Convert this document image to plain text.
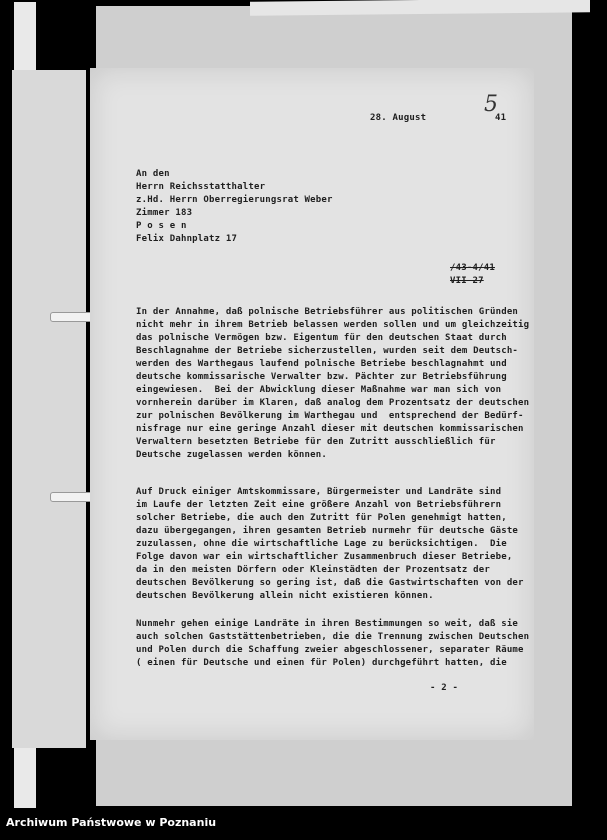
5
28. August	41
An den
Herrn Reichsstatthalter
z.Hd. Herrn Oberregierungsrat Weber
Zimmer 183
P o s e n
Felix Dahnplatz 17
/43-4/41
VII 27
In der Annahme, daß polnische Betriebsführer aus politischen Gründen
nicht mehr in ihrem Betrieb belassen werden sollen und um gleichzeitig
das polnische Vermögen bzw. Eigentum für den deutschen Staat durch
Beschlagnahme der Betriebe sicherzustellen, wurden seit dem Deutsch-
werden des Warthegaus laufend polnische Betriebe beschlagnahmt und
deutsche kommissarische Verwalter bzw. Pächter zur Betriebsführung
eingewiesen.  Bei der Abwicklung dieser Maßnahme war man sich von
vornherein darüber im Klaren, daß analog dem Prozentsatz der deutschen
zur polnischen Bevölkerung im Warthegau und  entsprechend der Bedürf-
nisfrage nur eine geringe Anzahl dieser mit deutschen kommissarischen
Verwaltern besetzten Betriebe für den Zutritt ausschließlich für
Deutsche zugelassen werden können.
Auf Druck einiger Amtskommissare, Bürgermeister und Landräte sind
im Laufe der letzten Zeit eine größere Anzahl von Betriebsführern
solcher Betriebe, die auch den Zutritt für Polen genehmigt hatten,
dazu übergegangen, ihren gesamten Betrieb nurmehr für deutsche Gäste
zuzulassen, ohne die wirtschaftliche Lage zu berücksichtigen.  Die
Folge davon war ein wirtschaftlicher Zusammenbruch dieser Betriebe,
da in den meisten Dörfern oder Kleinstädten der Prozentsatz der
deutschen Bevölkerung so gering ist, daß die Gastwirtschaften von der
deutschen Bevölkerung allein nicht existieren können.
Nunmehr gehen einige Landräte in ihren Bestimmungen so weit, daß sie
auch solchen Gaststättenbetrieben, die die Trennung zwischen Deutschen
und Polen durch die Schaffung zweier abgeschlossener, separater Räume
( einen für Deutsche und einen für Polen) durchgeführt hatten, die
- 2 -
Archiwum Państwowe w Poznaniu
